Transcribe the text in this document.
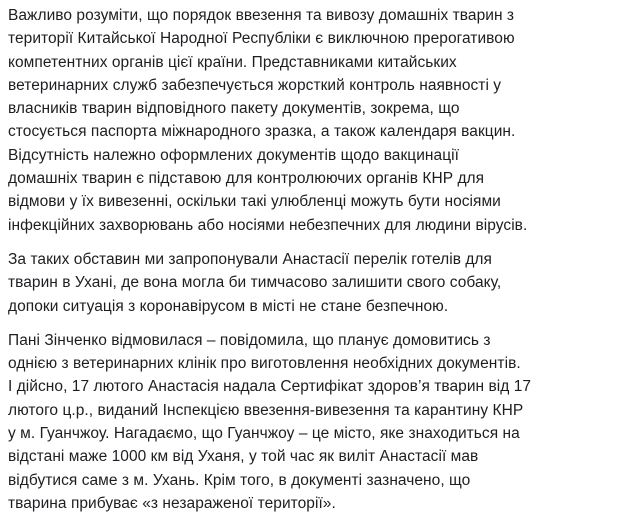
Важливо розуміти, що порядок ввезення та вивозу домашніх тварин з
території Китайської Народної Республіки є виключною прерогативою
компетентних органів цієї країни. Представниками китайських
ветеринарних служб забезпечується жорсткий контроль наявності у
власників тварин відповідного пакету документів, зокрема, що
стосується паспорта міжнародного зразка, а також календаря вакцин.
Відсутність належно оформлених документів щодо вакцинації
домашніх тварин є підставою для контролюючих органів КНР для
відмови у їх вивезенні, оскільки такі улюбленці можуть бути носіями
інфекційних захворювань або носіями небезпечних для людини вірусів.

За таких обставин ми запропонували Анастасії перелік готелів для
тварин в Ухані, де вона могла би тимчасово залишити свого собаку,
допоки ситуація з коронавірусом в місті не стане безпечною.

Пані Зінченко відмовилася – повідомила, що планує домовитись з
однією з ветеринарних клінік про виготовлення необхідних документів.
І дійсно, 17 лютого Анастасія надала Сертифікат здоров’я тварин від 17
лютого ц.р., виданий Інспекцією ввезення-вивезення та карантину КНР
у м. Гуанчжоу. Нагадаємо, що Гуанчжоу – це місто, яке знаходиться на
відстані маже 1000 км від Уханя, у той час як виліт Анастасії мав
відбутися саме з м. Ухань. Крім того, в документі зазначено, що
тварина прибуває «з незараженої території».
